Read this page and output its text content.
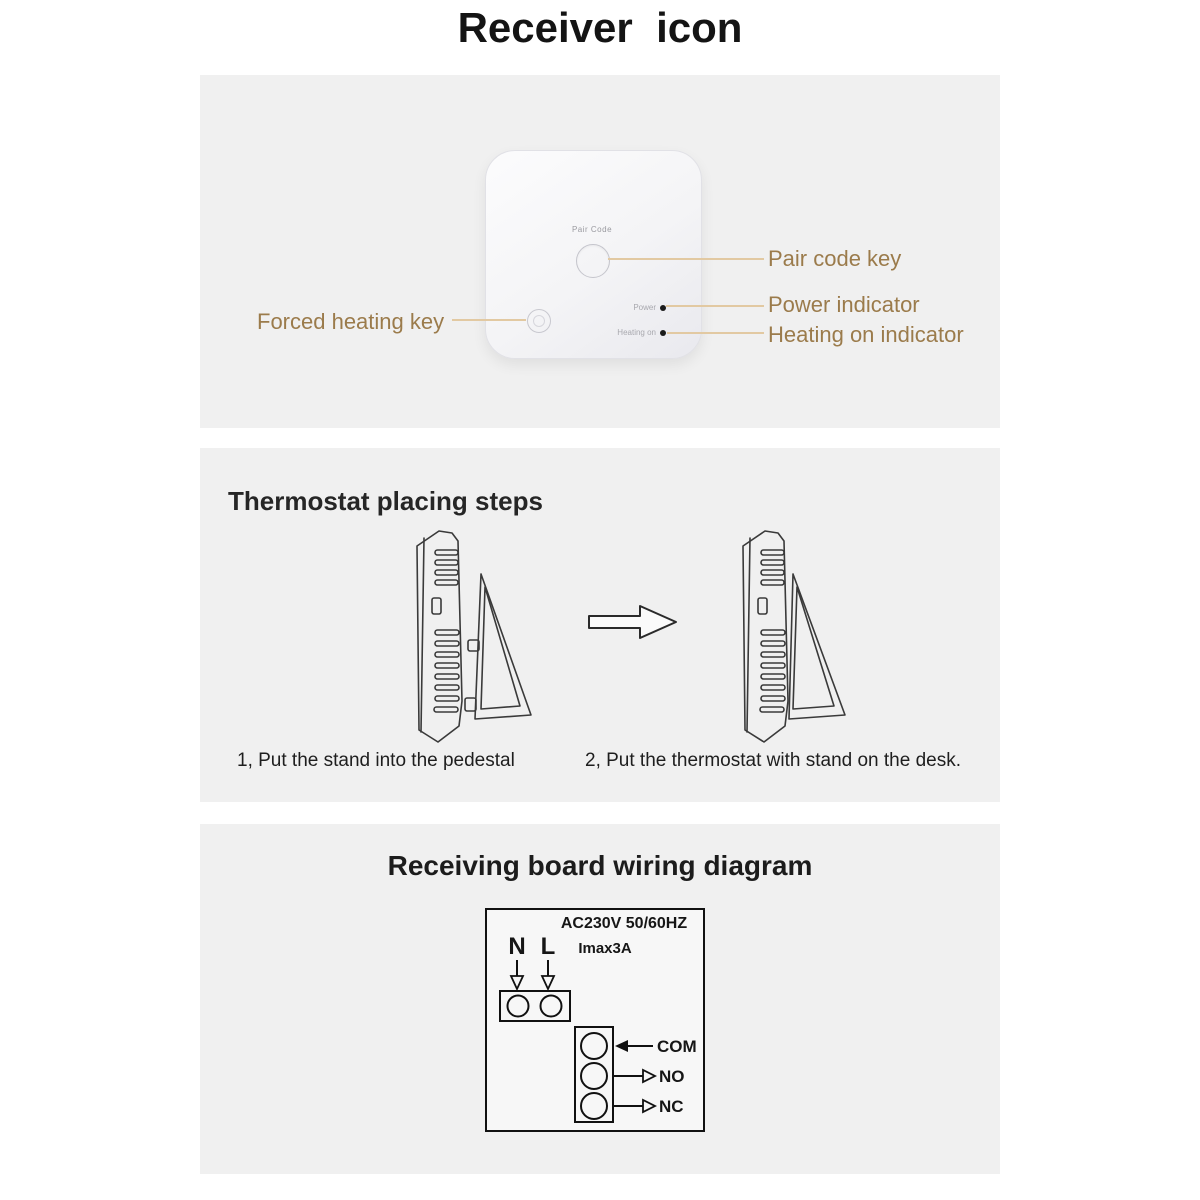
Receiver  icon
Pair Code
Power
Heating on
Pair code key
Power indicator
Heating on indicator
Forced heating key
Thermostat placing steps
1, Put the stand into the pedestal	2, Put the thermostat with stand on the desk.
Receiving board wiring diagram
AC230V 50/60HZ
Imax3A
N L
COM
NO
NC
